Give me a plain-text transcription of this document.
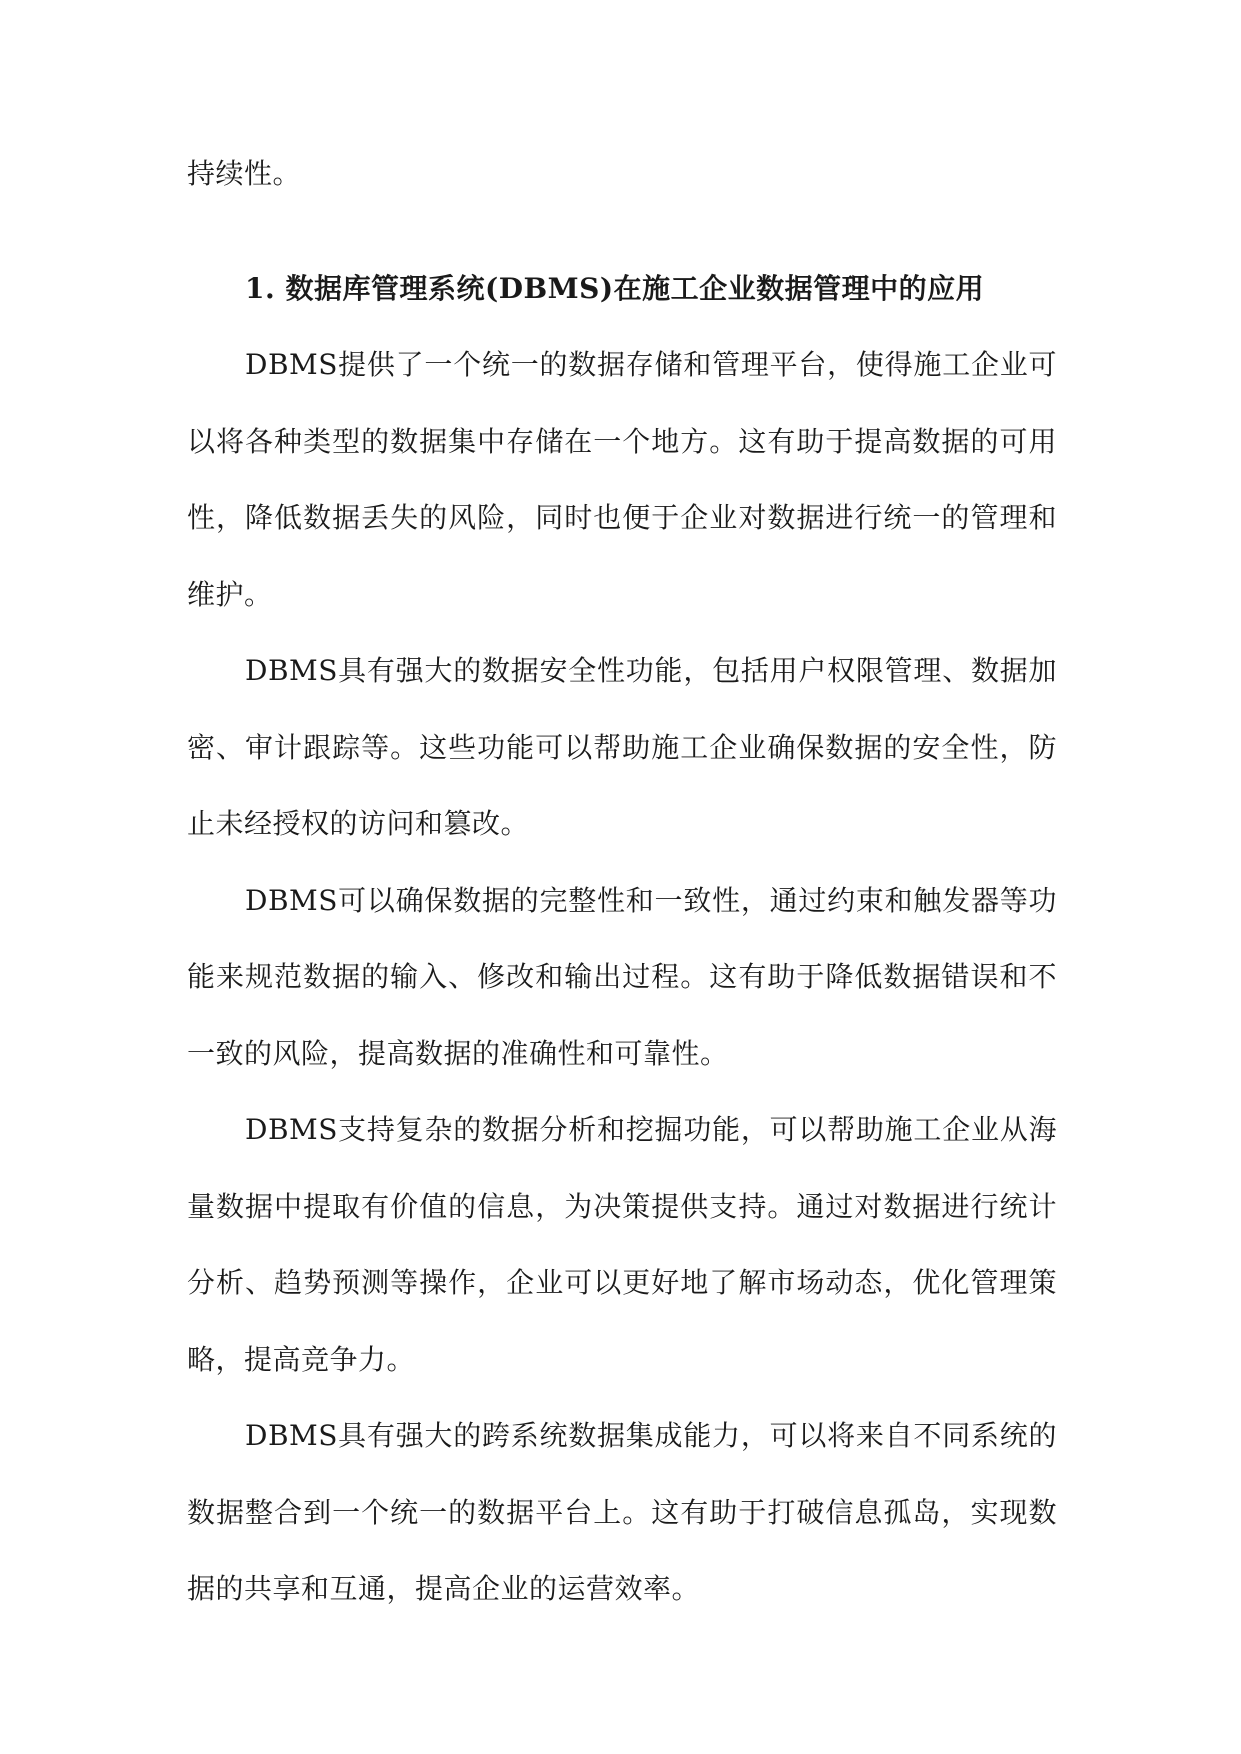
持续性。

1. 数据库管理系统(DBMS)在施工企业数据管理中的应用

DBMS提供了一个统一的数据存储和管理平台，使得施工企业可以将各种类型的数据集中存储在一个地方。这有助于提高数据的可用性，降低数据丢失的风险，同时也便于企业对数据进行统一的管理和维护。

DBMS具有强大的数据安全性功能，包括用户权限管理、数据加密、审计跟踪等。这些功能可以帮助施工企业确保数据的安全性，防止未经授权的访问和篡改。

DBMS可以确保数据的完整性和一致性，通过约束和触发器等功能来规范数据的输入、修改和输出过程。这有助于降低数据错误和不一致的风险，提高数据的准确性和可靠性。

DBMS支持复杂的数据分析和挖掘功能，可以帮助施工企业从海量数据中提取有价值的信息，为决策提供支持。通过对数据进行统计分析、趋势预测等操作，企业可以更好地了解市场动态，优化管理策略，提高竞争力。

DBMS具有强大的跨系统数据集成能力，可以将来自不同系统的数据整合到一个统一的数据平台上。这有助于打破信息孤岛，实现数据的共享和互通，提高企业的运营效率。
